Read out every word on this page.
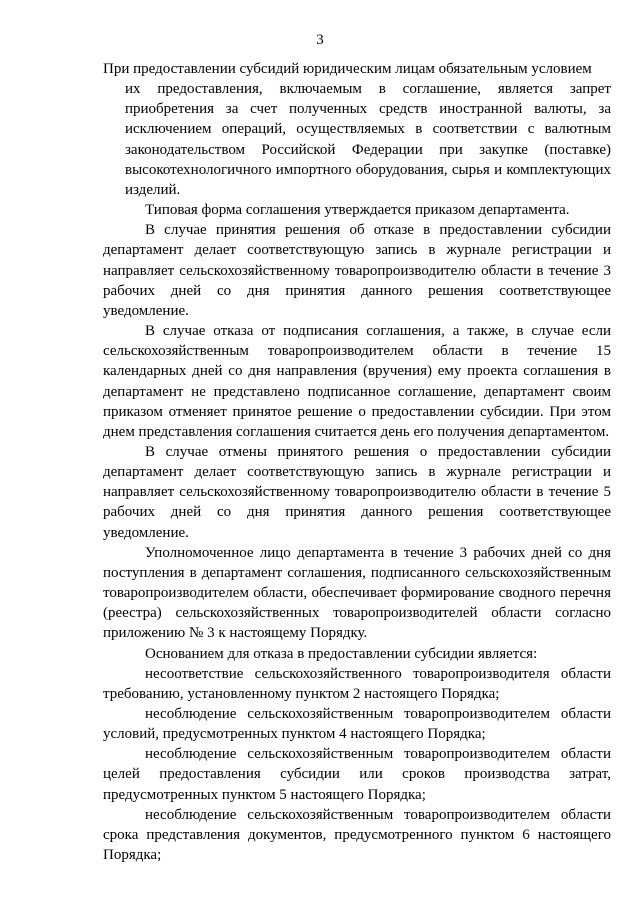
3

При предоставлении субсидий юридическим лицам обязательным условием
их предоставления, включаемым в соглашение, является запрет приобретения за счет полученных средств иностранной валюты, за исключением операций, осуществляемых в соответствии с валютным законодательством Российской Федерации при закупке (поставке) высокотехнологичного импортного оборудования, сырья и комплектующих изделий.

Типовая форма соглашения утверждается приказом департамента.

В случае принятия решения об отказе в предоставлении субсидии департамент делает соответствующую запись в журнале регистрации и направляет сельскохозяйственному товаропроизводителю области в течение 3 рабочих дней со дня принятия данного решения соответствующее уведомление.

В случае отказа от подписания соглашения, а также, в случае если сельскохозяйственным товаропроизводителем области в течение 15 календарных дней со дня направления (вручения) ему проекта соглашения в департамент не представлено подписанное соглашение, департамент своим приказом отменяет принятое решение о предоставлении субсидии. При этом днем представления соглашения считается день его получения департаментом.

В случае отмены принятого решения о предоставлении субсидии департамент делает соответствующую запись в журнале регистрации и направляет сельскохозяйственному товаропроизводителю области в течение 5 рабочих дней со дня принятия данного решения соответствующее уведомление.

Уполномоченное лицо департамента в течение 3 рабочих дней со дня поступления в департамент соглашения, подписанного сельскохозяйственным товаропроизводителем области, обеспечивает формирование сводного перечня (реестра) сельскохозяйственных товаропроизводителей области согласно приложению № 3 к настоящему Порядку.

Основанием для отказа в предоставлении субсидии является:

несоответствие сельскохозяйственного товаропроизводителя области требованию, установленному пунктом 2 настоящего Порядка;

несоблюдение сельскохозяйственным товаропроизводителем области условий, предусмотренных пунктом 4 настоящего Порядка;

несоблюдение сельскохозяйственным товаропроизводителем области целей предоставления субсидии или сроков производства затрат, предусмотренных пунктом 5 настоящего Порядка;

несоблюдение сельскохозяйственным товаропроизводителем области срока представления документов, предусмотренного пунктом 6 настоящего Порядка;
